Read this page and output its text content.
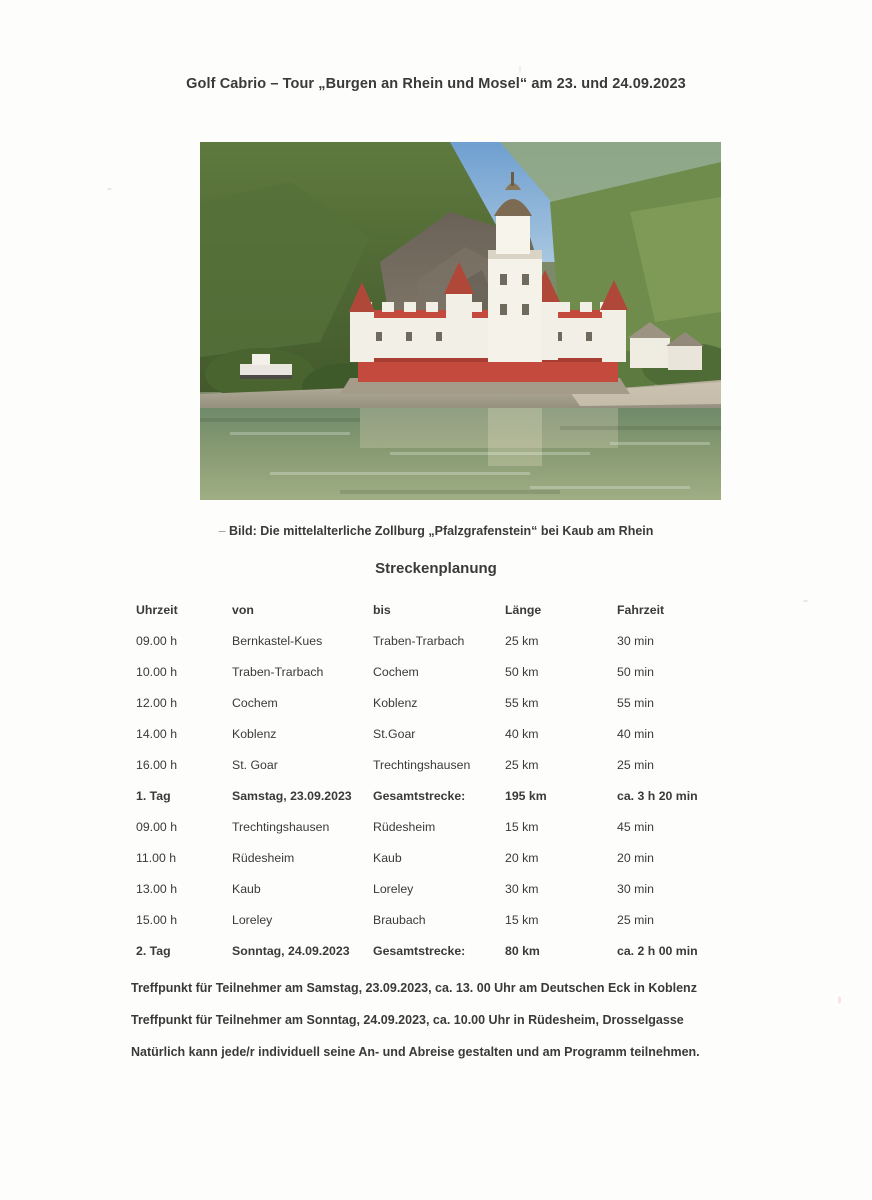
Golf Cabrio – Tour „Burgen an Rhein und Mosel“ am 23. und 24.09.2023
– Bild: Die mittelalterliche Zollburg „Pfalzgrafenstein“ bei Kaub am Rhein
Streckenplanung
Uhrzeit	von	bis	Länge	Fahrzeit
09.00 h	Bernkastel-Kues	Traben-Trarbach	25 km	30 min
10.00 h	Traben-Trarbach	Cochem	50 km	50 min
12.00 h	Cochem	Koblenz	55 km	55 min
14.00 h	Koblenz	St.Goar	40 km	40 min
16.00 h	St. Goar	Trechtingshausen	25 km	25 min
1. Tag	Samstag, 23.09.2023	Gesamtstrecke:	195 km	ca. 3 h 20 min
09.00 h	Trechtingshausen	Rüdesheim	15 km	45 min
11.00 h	Rüdesheim	Kaub	20 km	20 min
13.00 h	Kaub	Loreley	30 km	30 min
15.00 h	Loreley	Braubach	15 km	25 min
2. Tag	Sonntag, 24.09.2023	Gesamtstrecke:	80 km	ca. 2 h 00 min

Treffpunkt für Teilnehmer am Samstag, 23.09.2023, ca. 13. 00 Uhr am Deutschen Eck in Koblenz

Treffpunkt für Teilnehmer am Sonntag, 24.09.2023, ca. 10.00 Uhr in Rüdesheim, Drosselgasse

Natürlich kann jede/r individuell seine An- und Abreise gestalten und am Programm teilnehmen.
